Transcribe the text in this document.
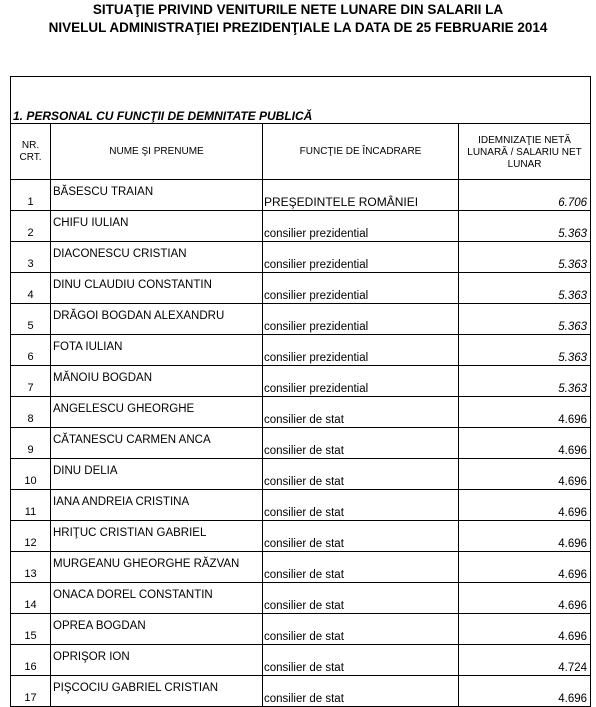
SITUAŢIE PRIVIND VENITURILE NETE LUNARE DIN SALARII LA
NIVELUL ADMINISTRAŢIEI PREZIDENŢIALE LA DATA DE 25 FEBRUARIE 2014
1. PERSONAL CU FUNCŢII DE DEMNITATE PUBLICĂ			

NR. CRT.	NUME ŞI PRENUME	FUNCŢIE DE ÎNCADRARE	IDEMNIZAŢIE NETĂ LUNARĂ / SALARIU NET LUNAR

1	BĂSESCU TRAIAN	PREŞEDINTELE ROMÂNIEI	6.706

2	CHIFU IULIAN	consilier prezidential	5.363

3	DIACONESCU CRISTIAN	consilier prezidential	5.363

4	DINU CLAUDIU CONSTANTIN	consilier prezidential	5.363

5	DRĂGOI BOGDAN ALEXANDRU	consilier prezidential	5.363

6	FOTA IULIAN	consilier prezidential	5.363

7	MĂNOIU BOGDAN	consilier prezidential	5.363

8	ANGELESCU GHEORGHE	consilier de stat	4.696

9	CĂTANESCU CARMEN ANCA	consilier de stat	4.696

10	DINU DELIA	consilier de stat	4.696

11	IANA ANDREIA CRISTINA	consilier de stat	4.696

12	HRIŢUC CRISTIAN GABRIEL	consilier de stat	4.696

13	MURGEANU GHEORGHE RĂZVAN	consilier de stat	4.696

14	ONACA DOREL CONSTANTIN	consilier de stat	4.696

15	OPREA BOGDAN	consilier de stat	4.696

16	OPRIŞOR ION	consilier de stat	4.724

17	PIŞCOCIU GABRIEL CRISTIAN	consilier de stat	4.696
